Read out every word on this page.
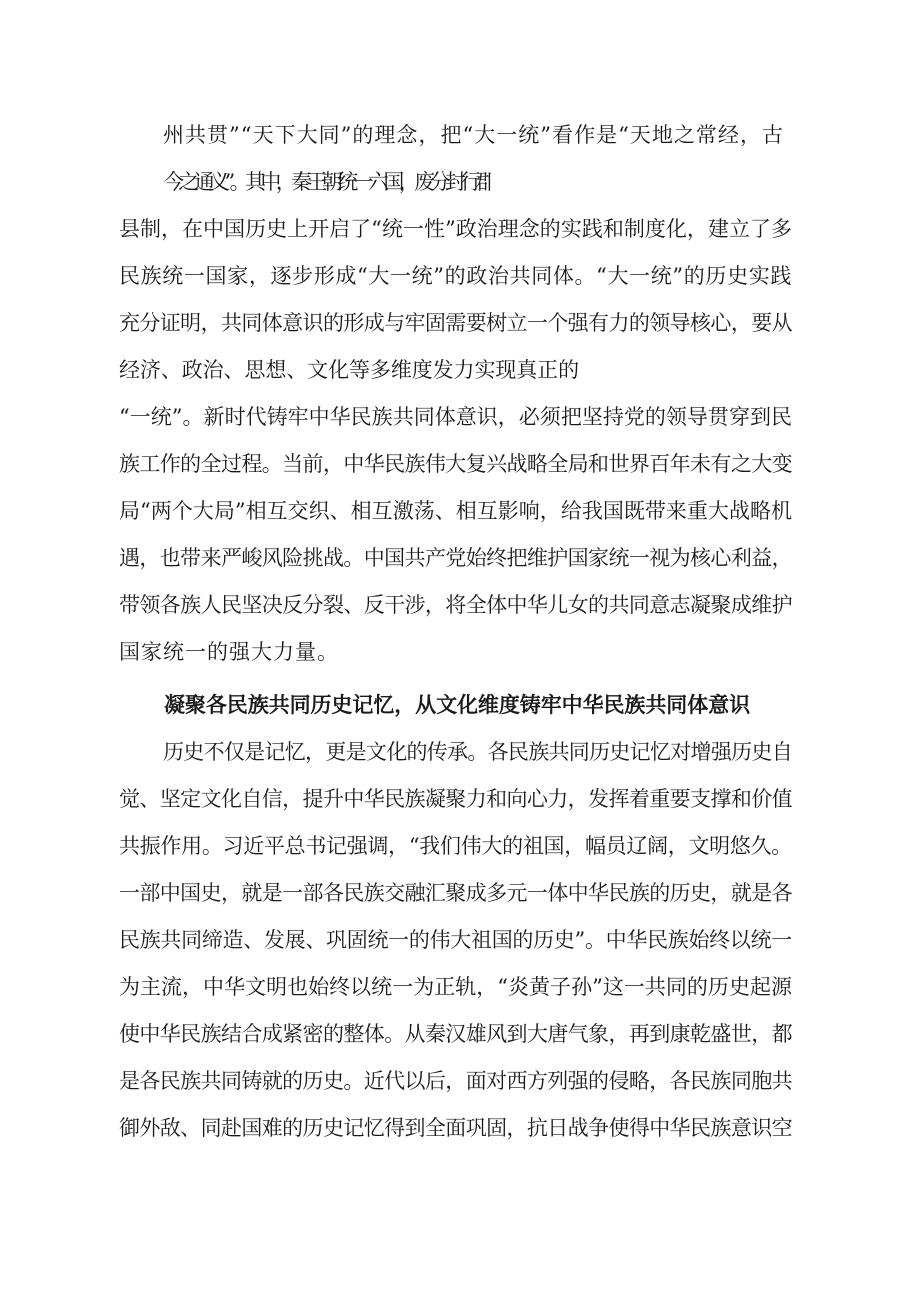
州共贯”“天下大同”的理念，把“大一统”看作是“天地之常经，古
今之通义”。其中，秦王朝统一六国，废分封行郡
县制，在中国历史上开启了“统一性”政治理念的实践和制度化，建立了多
民族统一国家，逐步形成“大一统”的政治共同体。“大一统”的历史实践
充分证明，共同体意识的形成与牢固需要树立一个强有力的领导核心，要从
经济、政治、思想、文化等多维度发力实现真正的
“一统”。新时代铸牢中华民族共同体意识，必须把坚持党的领导贯穿到民
族工作的全过程。当前，中华民族伟大复兴战略全局和世界百年未有之大变
局“两个大局”相互交织、相互激荡、相互影响，给我国既带来重大战略机
遇，也带来严峻风险挑战。中国共产党始终把维护国家统一视为核心利益，
带领各族人民坚决反分裂、反干涉，将全体中华儿女的共同意志凝聚成维护
国家统一的强大力量。
凝聚各民族共同历史记忆，从文化维度铸牢中华民族共同体意识
历史不仅是记忆，更是文化的传承。各民族共同历史记忆对增强历史自
觉、坚定文化自信，提升中华民族凝聚力和向心力，发挥着重要支撑和价值
共振作用。习近平总书记强调，“我们伟大的祖国，幅员辽阔，文明悠久。
一部中国史，就是一部各民族交融汇聚成多元一体中华民族的历史，就是各
民族共同缔造、发展、巩固统一的伟大祖国的历史”。中华民族始终以统一
为主流，中华文明也始终以统一为正轨，“炎黄子孙”这一共同的历史起源
使中华民族结合成紧密的整体。从秦汉雄风到大唐气象，再到康乾盛世，都
是各民族共同铸就的历史。近代以后，面对西方列强的侵略，各民族同胞共
御外敌、同赴国难的历史记忆得到全面巩固，抗日战争使得中华民族意识空
